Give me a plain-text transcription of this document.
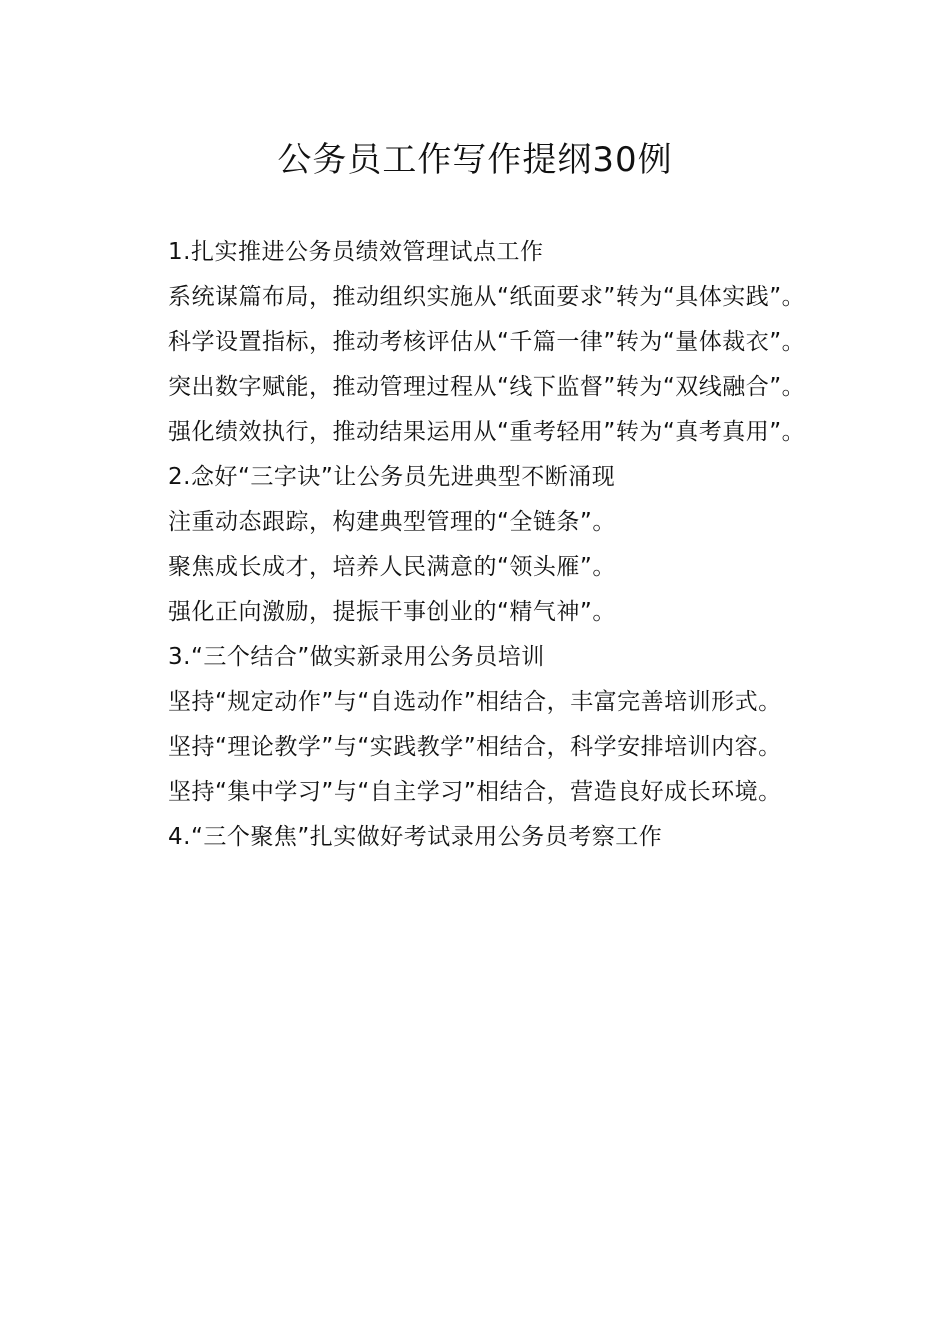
公务员工作写作提纲30例

1.扎实推进公务员绩效管理试点工作

系统谋篇布局，推动组织实施从“纸面要求”转为“具体实践”。

科学设置指标，推动考核评估从“千篇一律”转为“量体裁衣”。

突出数字赋能，推动管理过程从“线下监督”转为“双线融合”。

强化绩效执行，推动结果运用从“重考轻用”转为“真考真用”。

2.念好“三字诀”让公务员先进典型不断涌现

注重动态跟踪，构建典型管理的“全链条”。

聚焦成长成才，培养人民满意的“领头雁”。

强化正向激励，提振干事创业的“精气神”。

3.“三个结合”做实新录用公务员培训

坚持“规定动作”与“自选动作”相结合，丰富完善培训形式。

坚持“理论教学”与“实践教学”相结合，科学安排培训内容。

坚持“集中学习”与“自主学习”相结合，营造良好成长环境。

4.“三个聚焦”扎实做好考试录用公务员考察工作
